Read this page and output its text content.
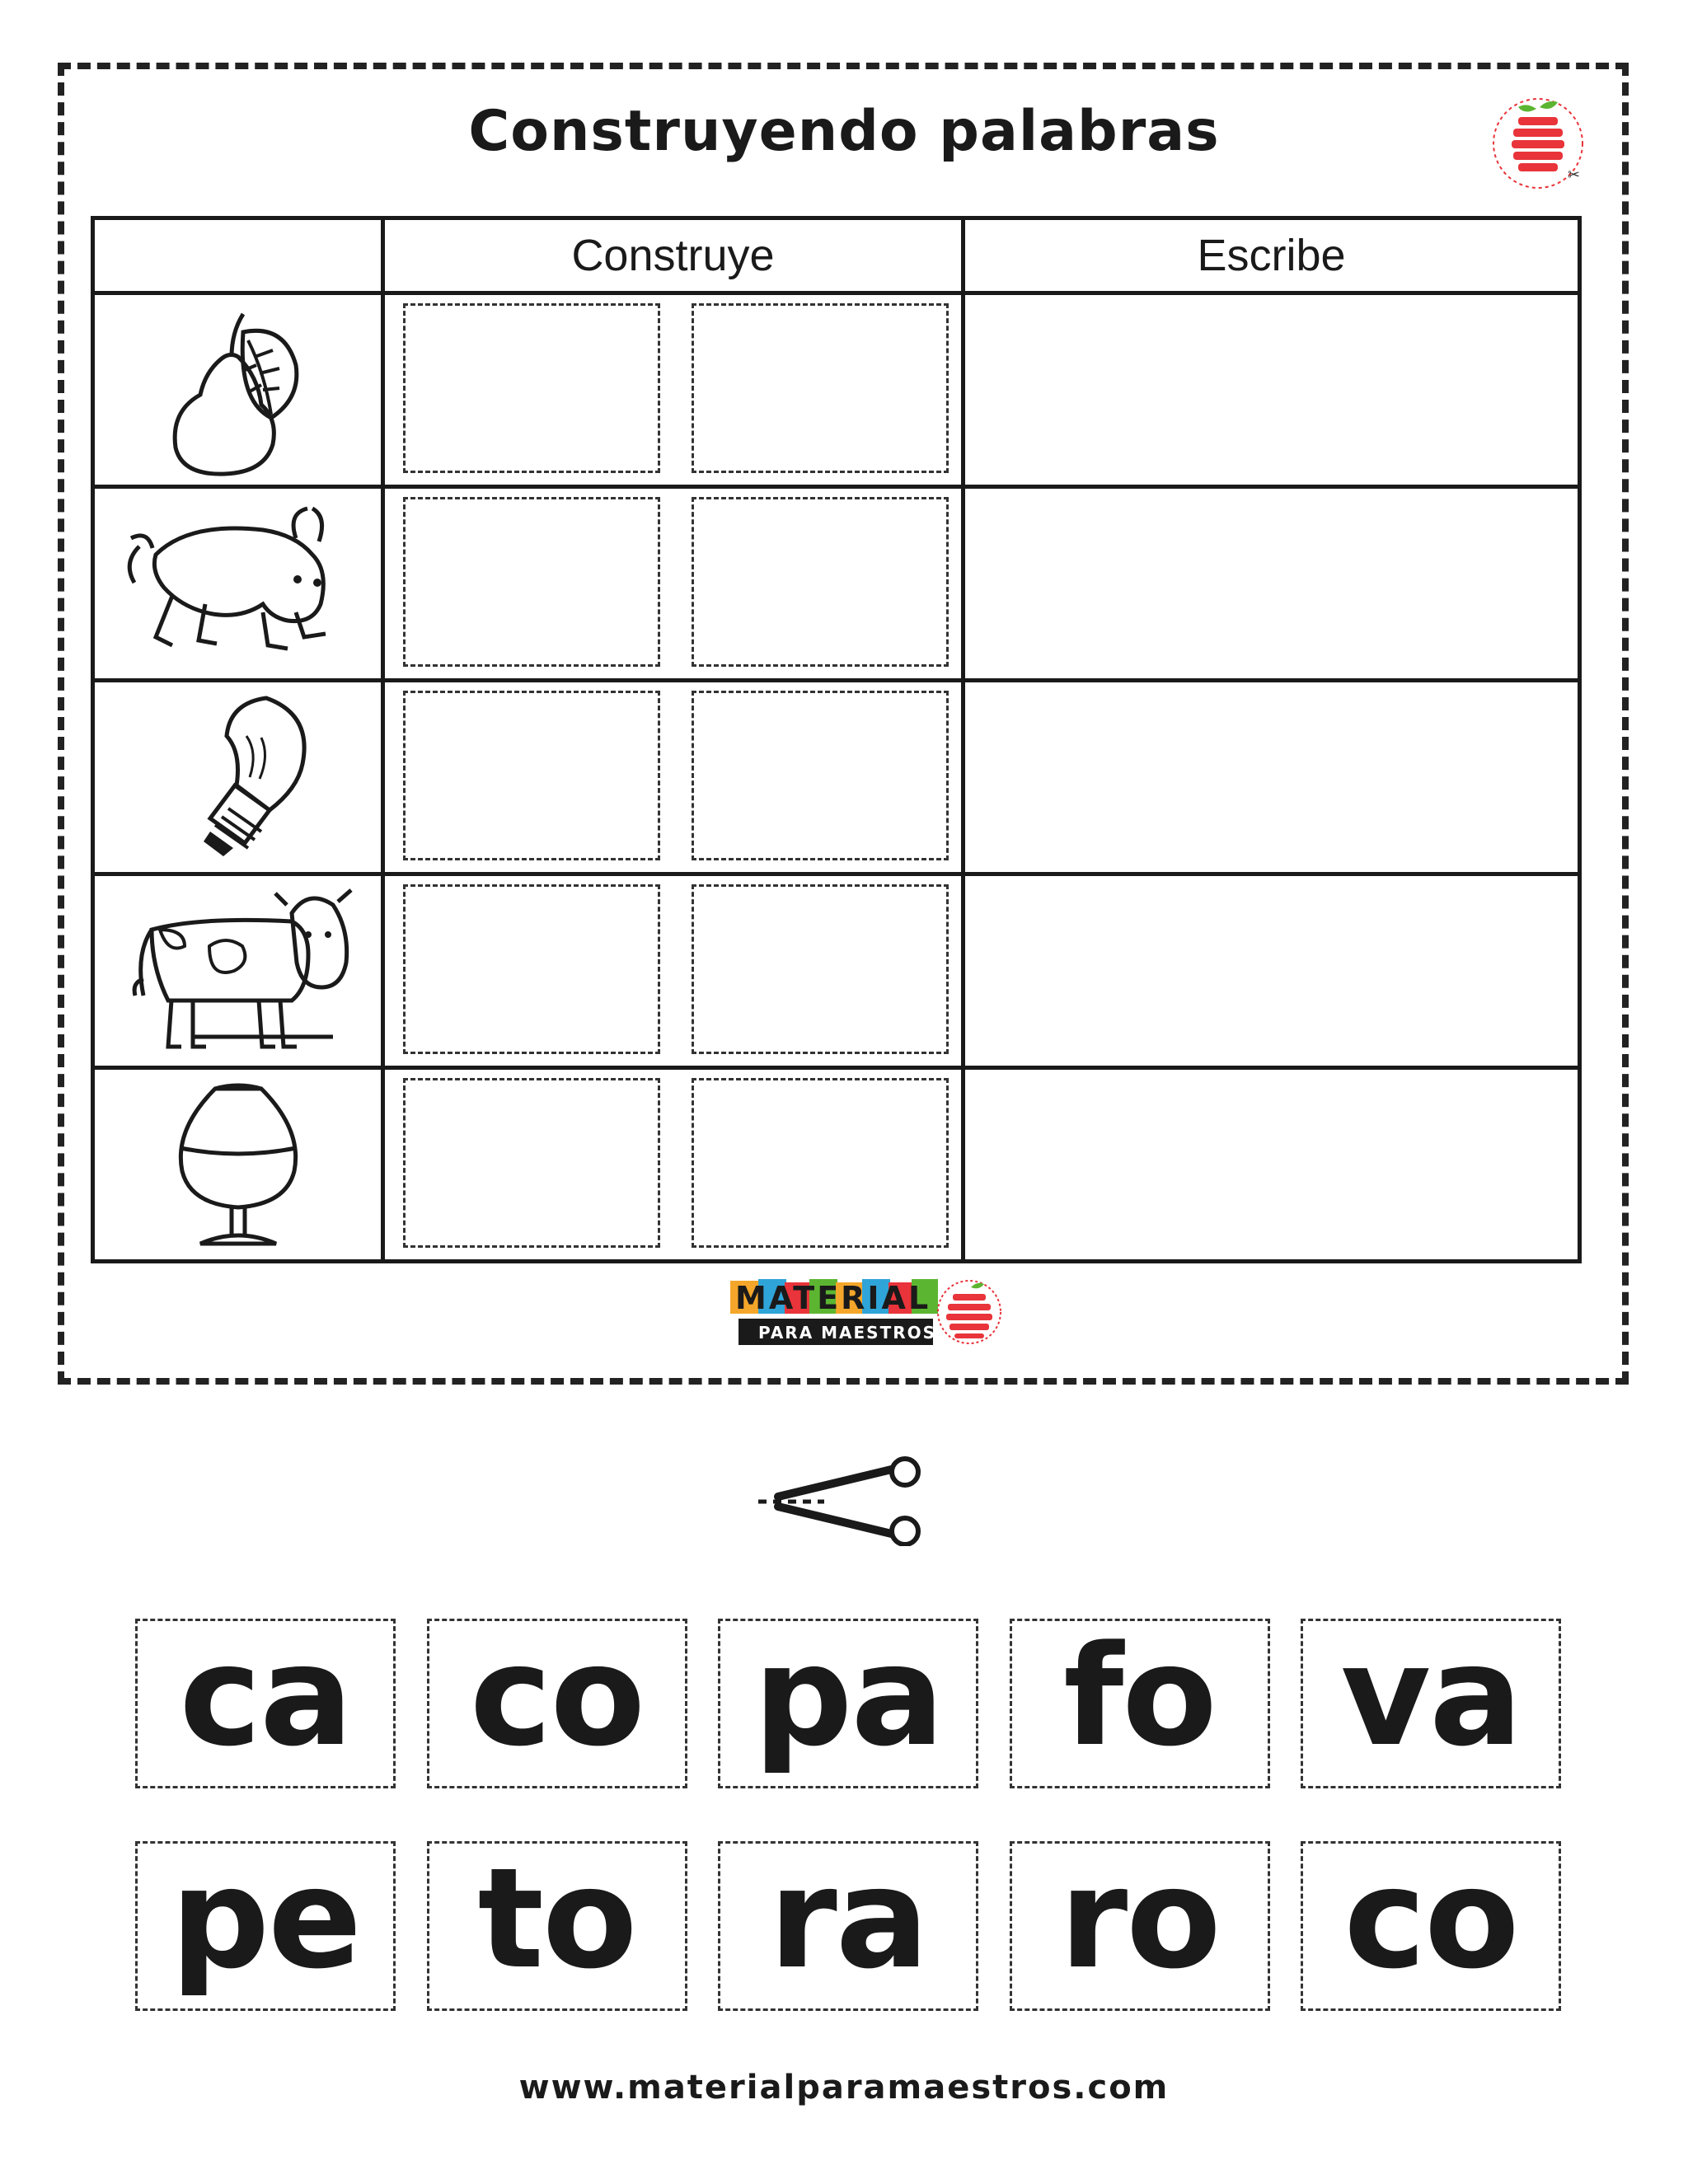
Construyendo palabras
✂
	Construye	Escribe

MATERIAL
PARA MAESTROS
ca co pa fo va
pe to ra ro co
www.materialparamaestros.com
